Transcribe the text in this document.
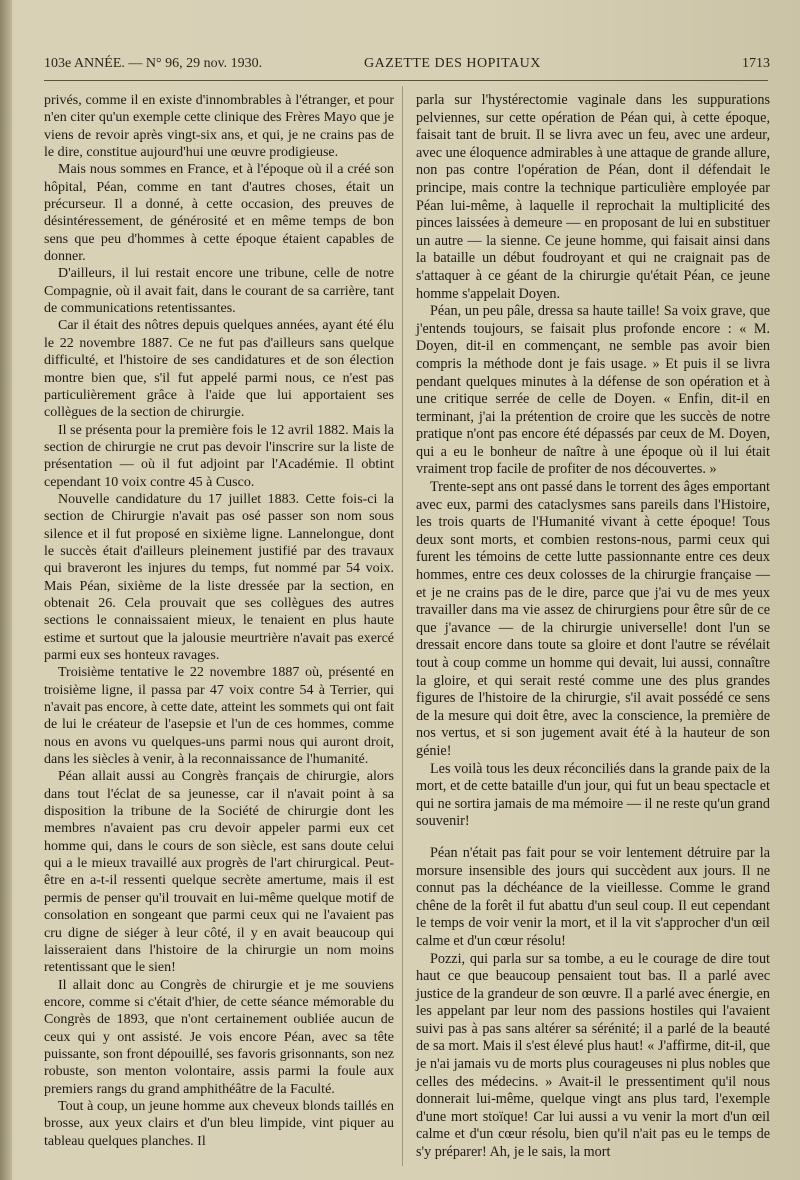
103e ANNÉE. — N° 96, 29 nov. 1930.	GAZETTE DES HOPITAUX	1713

privés, comme il en existe d'innombrables à l'étranger, et pour n'en citer qu'un exemple cette clinique des Frères Mayo que je viens de revoir après vingt-six ans, et qui, je ne crains pas de le dire, constitue aujourd'hui une œuvre prodigieuse.

Mais nous sommes en France, et à l'époque où il a créé son hôpital, Péan, comme en tant d'autres choses, était un précurseur. Il a donné, à cette occasion, des preuves de désintéressement, de générosité et en même temps de bon sens que peu d'hommes à cette époque étaient capables de donner.

D'ailleurs, il lui restait encore une tribune, celle de notre Compagnie, où il avait fait, dans le courant de sa carrière, tant de communications retentissantes.

Car il était des nôtres depuis quelques années, ayant été élu le 22 novembre 1887. Ce ne fut pas d'ailleurs sans quelque difficulté, et l'histoire de ses candidatures et de son élection montre bien que, s'il fut appelé parmi nous, ce n'est pas particulièrement grâce à l'aide que lui apportaient ses collègues de la section de chirurgie.

Il se présenta pour la première fois le 12 avril 1882. Mais la section de chirurgie ne crut pas devoir l'inscrire sur la liste de présentation — où il fut adjoint par l'Académie. Il obtint cependant 10 voix contre 45 à Cusco.

Nouvelle candidature du 17 juillet 1883. Cette fois-ci la section de Chirurgie n'avait pas osé passer son nom sous silence et il fut proposé en sixième ligne. Lannelongue, dont le succès était d'ailleurs pleinement justifié par des travaux qui braveront les injures du temps, fut nommé par 54 voix. Mais Péan, sixième de la liste dressée par la section, en obtenait 26. Cela prouvait que ses collègues des autres sections le connaissaient mieux, le tenaient en plus haute estime et surtout que la jalousie meurtrière n'avait pas exercé parmi eux ses honteux ravages.

Troisième tentative le 22 novembre 1887 où, présenté en troisième ligne, il passa par 47 voix contre 54 à Terrier, qui n'avait pas encore, à cette date, atteint les sommets qui ont fait de lui le créateur de l'asepsie et l'un de ces hommes, comme nous en avons vu quelques-uns parmi nous qui auront droit, dans les siècles à venir, à la reconnaissance de l'humanité.

Péan allait aussi au Congrès français de chirurgie, alors dans tout l'éclat de sa jeunesse, car il n'avait point à sa disposition la tribune de la Société de chirurgie dont les membres n'avaient pas cru devoir appeler parmi eux cet homme qui, dans le cours de son siècle, est sans doute celui qui a le mieux travaillé aux progrès de l'art chirurgical. Peut-être en a-t-il ressenti quelque secrète amertume, mais il est permis de penser qu'il trouvait en lui-même quelque motif de consolation en songeant que parmi ceux qui ne l'avaient pas cru digne de siéger à leur côté, il y en avait beaucoup qui laisseraient dans l'histoire de la chirurgie un nom moins retentissant que le sien!

Il allait donc au Congrès de chirurgie et je me souviens encore, comme si c'était d'hier, de cette séance mémorable du Congrès de 1893, que n'ont certainement oubliée aucun de ceux qui y ont assisté. Je vois encore Péan, avec sa tête puissante, son front dépouillé, ses favoris grisonnants, son nez robuste, son menton volontaire, assis parmi la foule aux premiers rangs du grand amphithéâtre de la Faculté.

Tout à coup, un jeune homme aux cheveux blonds taillés en brosse, aux yeux clairs et d'un bleu limpide, vint piquer au tableau quelques planches. Il

parla sur l'hystérectomie vaginale dans les suppurations pelviennes, sur cette opération de Péan qui, à cette époque, faisait tant de bruit. Il se livra avec un feu, avec une ardeur, avec une éloquence admirables à une attaque de grande allure, non pas contre l'opération de Péan, dont il défendait le principe, mais contre la technique particulière employée par Péan lui-même, à laquelle il reprochait la multiplicité des pinces laissées à demeure — en proposant de lui en substituer un autre — la sienne. Ce jeune homme, qui faisait ainsi dans la bataille un début foudroyant et qui ne craignait pas de s'attaquer à ce géant de la chirurgie qu'était Péan, ce jeune homme s'appelait Doyen.

Péan, un peu pâle, dressa sa haute taille! Sa voix grave, que j'entends toujours, se faisait plus profonde encore : « M. Doyen, dit-il en commençant, ne semble pas avoir bien compris la méthode dont je fais usage. » Et puis il se livra pendant quelques minutes à la défense de son opération et à une critique serrée de celle de Doyen. « Enfin, dit-il en terminant, j'ai la prétention de croire que les succès de notre pratique n'ont pas encore été dépassés par ceux de M. Doyen, qui a eu le bonheur de naître à une époque où il lui était vraiment trop facile de profiter de nos découvertes. »

Trente-sept ans ont passé dans le torrent des âges emportant avec eux, parmi des cataclysmes sans pareils dans l'Histoire, les trois quarts de l'Humanité vivant à cette époque! Tous deux sont morts, et combien restons-nous, parmi ceux qui furent les témoins de cette lutte passionnante entre ces deux hommes, entre ces deux colosses de la chirurgie française — et je ne crains pas de le dire, parce que j'ai vu de mes yeux travailler dans ma vie assez de chirurgiens pour être sûr de ce que j'avance — de la chirurgie universelle! dont l'un se dressait encore dans toute sa gloire et dont l'autre se révélait tout à coup comme un homme qui devait, lui aussi, connaître la gloire, et qui serait resté comme une des plus grandes figures de l'histoire de la chirurgie, s'il avait possédé ce sens de la mesure qui doit être, avec la conscience, la première de nos vertus, et si son jugement avait été à la hauteur de son génie!

Les voilà tous les deux réconciliés dans la grande paix de la mort, et de cette bataille d'un jour, qui fut un beau spectacle et qui ne sortira jamais de ma mémoire — il ne reste qu'un grand souvenir!

Péan n'était pas fait pour se voir lentement détruire par la morsure insensible des jours qui succèdent aux jours. Il ne connut pas la déchéance de la vieillesse. Comme le grand chêne de la forêt il fut abattu d'un seul coup. Il eut cependant le temps de voir venir la mort, et il la vit s'approcher d'un œil calme et d'un cœur résolu!

Pozzi, qui parla sur sa tombe, a eu le courage de dire tout haut ce que beaucoup pensaient tout bas. Il a parlé avec justice de la grandeur de son œuvre. Il a parlé avec énergie, en les appelant par leur nom des passions hostiles qui l'avaient suivi pas à pas sans altérer sa sérénité; il a parlé de la beauté de sa mort. Mais il s'est élevé plus haut! « J'affirme, dit-il, que je n'ai jamais vu de morts plus courageuses ni plus nobles que celles des médecins. » Avait-il le pressentiment qu'il nous donnerait lui-même, quelque vingt ans plus tard, l'exemple d'une mort stoïque! Car lui aussi a vu venir la mort d'un œil calme et d'un cœur résolu, bien qu'il n'ait pas eu le temps de s'y préparer! Ah, je le sais, la mort
